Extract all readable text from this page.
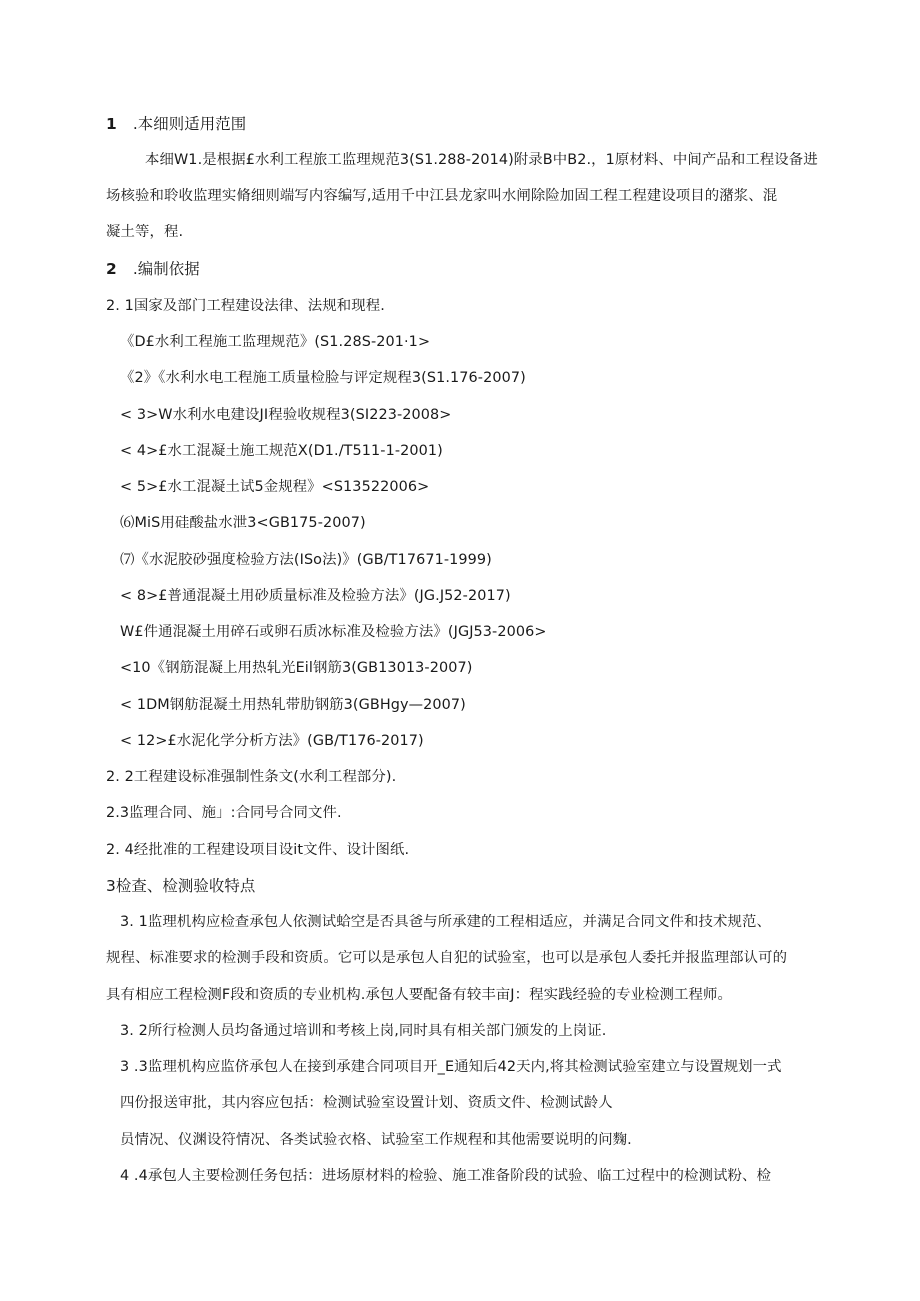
1 .本细则适用范围
本细W1.是根据£水利工程旅工监理规范3(S1.288-2014)附录B中B2.，1原材料、中间产品和工程设备进
场核验和聆收监理实脩细则端写内容编写,适用千中江县龙家叫水闸除险加固工程工程建设项目的潴浆、混
凝土等，程.
2 .编制依据
2. 1国家及部门工程建设法律、法规和现程.
《D£水利工程施工监理规范》(S1.28S-201·1>
《2》《水利水电工程施工质量检脸与评定规程3(S1.176-2007)
< 3>W水利水电建设JI程验收规程3(SI223-2008>
< 4>£水工混凝土施工规范X(D1./T511-1-2001)
< 5>£水工混凝土试5金规程》<S13522006>
⑹MiS用硅酸盐水泄3<GB175-2007)
⑺《水泥胶砂强度检验方法(ISo法)》(GB/T17671-1999)
< 8>£普通混凝土用砂质量标准及检验方法》(JG.J52-2017)
W£件通混凝土用碎石或卵石质冰标准及检验方法》(JGJ53-2006>
<10《钢筋混凝上用热轧光Eil钢筋3(GB13013-2007)
< 1DM钢舫混凝土用热轧带肋钢筋3(GBHgy—2007)
< 12>£水泥化学分析方法》(GB/T176-2017)
2. 2工程建设标准强制性条文(水利工程部分).
2.3监理合同、施」:合同号合同文件.
2. 4经批准的工程建设项目设it文件、设计图纸.
3检查、检测验收特点
3. 1监理机构应检查承包人依测试蛤空是否具爸与所承建的工程相适应，并满足合同文件和技术规范、
规程、标准要求的检测手段和资质。它可以是承包人自犯的试验室，也可以是承包人委托并报监理部认可的
具有相应工程检测F段和资质的专业机构.承包人要配备有较丰亩J：程实践经验的专业检测工程师。
3. 2所行检测人员均备通过培训和考核上岗,同时具有相关部门颁发的上岗证.
3 .3监理机构应监侪承包人在接到承建合同项目开_E通知后42天内,将其检测试验室建立与设置规划一式
四份报送审批，其内容应包括：检测试验室设置计划、资质文件、检测试龄人
员情况、仪渊设符情况、各类试验衣格、试验室工作规程和其他需要说明的问麴.
4 .4承包人主要检测任务包括：进场原材料的检验、施工准备阶段的试验、临工过程中的检测试粉、检
